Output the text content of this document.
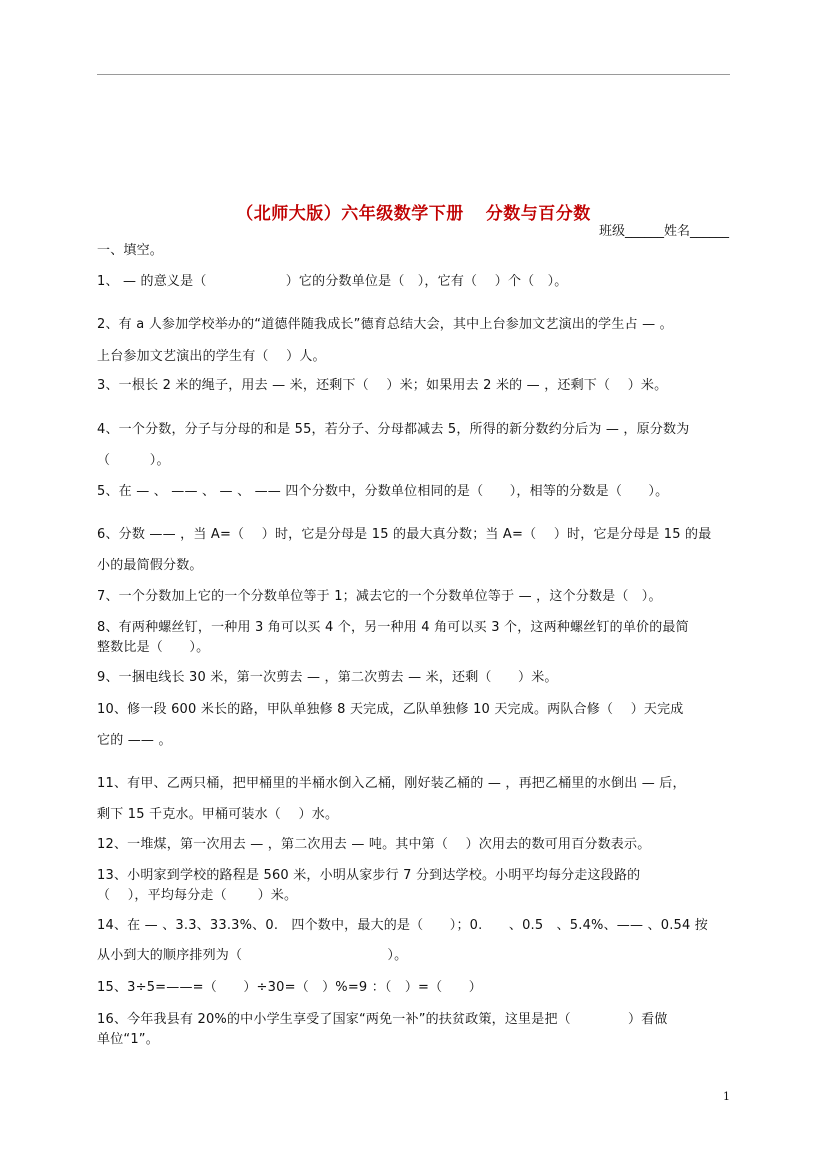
（北师大版）六年级数学下册 分数与百分数
班级______姓名______
一、填空。
1、 — 的意义是（　　　　　　）它的分数单位是（　），它有（　 ）个（　）。
2、有 a 人参加学校举办的“道德伴随我成长”德育总结大会，其中上台参加文艺演出的学生占 — 。
上台参加文艺演出的学生有（　 ）人。
3、一根长 2 米的绳子，用去 — 米，还剩下（　 ）米；如果用去 2 米的 — ，还剩下（　 ）米。
4、一个分数，分子与分母的和是 55，若分子、分母都减去 5，所得的新分数约分后为 — ，原分数为
（　　　）。
5、在 — 、 —— 、 — 、 —— 四个分数中，分数单位相同的是（　　），相等的分数是（　　）。
6、分数 —— ，当 A=（　 ）时，它是分母是 15 的最大真分数；当 A=（　 ）时，它是分母是 15 的最
小的最简假分数。
7、一个分数加上它的一个分数单位等于 1；减去它的一个分数单位等于 — ，这个分数是（　）。
8、有两种螺丝钉，一种用 3 角可以买 4 个，另一种用 4 角可以买 3 个，这两种螺丝钉的单价的最简
整数比是（　　）。
9、一捆电线长 30 米，第一次剪去 — ，第二次剪去 — 米，还剩（　　）米。
10、修一段 600 米长的路，甲队单独修 8 天完成，乙队单独修 10 天完成。两队合修（　 ）天完成
它的 —— 。
11、有甲、乙两只桶，把甲桶里的半桶水倒入乙桶，刚好装乙桶的 — ，再把乙桶里的水倒出 — 后，
剩下 15 千克水。甲桶可装水（　 ）水。
12、一堆煤，第一次用去 — ，第二次用去 — 吨。其中第（　 ）次用去的数可用百分数表示。
13、小明家到学校的路程是 560 米，小明从家步行 7 分到达学校。小明平均每分走这段路的
（　 ），平均每分走（　　 ）米。
14、在 — 、3.3、33.3%、0.　四个数中，最大的是（　　）；0.　　、0.5　、5.4%、—— 、0.54 按
从小到大的顺序排列为（　　　　　　　　　　　）。
15、3÷5=——=（　　）÷30=（　）%=9 ：（　）=（　　）
16、今年我县有 20%的中小学生享受了国家“两免一补”的扶贫政策，这里是把（　　　　 ）看做
单位“1”。
1
